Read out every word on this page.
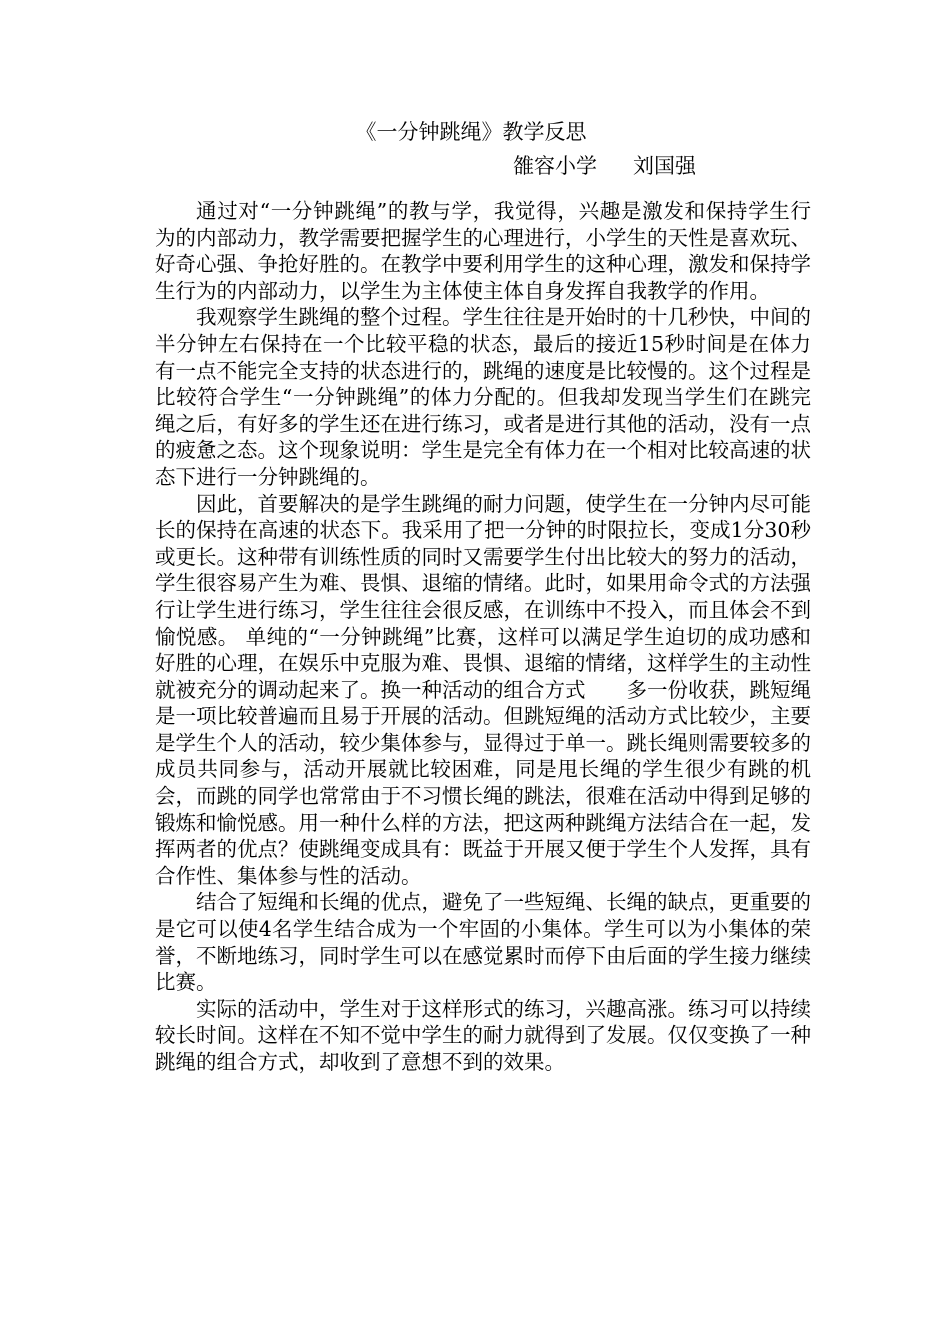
《一分钟跳绳》教学反思
雒容小学 刘国强

通过对“一分钟跳绳”的教与学，我觉得，兴趣是激发和保持学生行为的内部动力，教学需要把握学生的心理进行，小学生的天性是喜欢玩、好奇心强、争抢好胜的。在教学中要利用学生的这种心理，激发和保持学生行为的内部动力，以学生为主体使主体自身发挥自我教学的作用。

我观察学生跳绳的整个过程。学生往往是开始时的十几秒快，中间的半分钟左右保持在一个比较平稳的状态，最后的接近15秒时间是在体力有一点不能完全支持的状态进行的，跳绳的速度是比较慢的。这个过程是比较符合学生“一分钟跳绳”的体力分配的。但我却发现当学生们在跳完绳之后，有好多的学生还在进行练习，或者是进行其他的活动，没有一点的疲惫之态。这个现象说明：学生是完全有体力在一个相对比较高速的状态下进行一分钟跳绳的。

因此，首要解决的是学生跳绳的耐力问题，使学生在一分钟内尽可能长的保持在高速的状态下。我采用了把一分钟的时限拉长，变成1分30秒或更长。这种带有训练性质的同时又需要学生付出比较大的努力的活动，学生很容易产生为难、畏惧、退缩的情绪。此时，如果用命令式的方法强行让学生进行练习，学生往往会很反感，在训练中不投入，而且体会不到愉悦感。 单纯的“一分钟跳绳”比赛，这样可以满足学生迫切的成功感和好胜的心理，在娱乐中克服为难、畏惧、退缩的情绪，这样学生的主动性就被充分的调动起来了。换一种活动的组合方式　　多一份收获，跳短绳是一项比较普遍而且易于开展的活动。但跳短绳的活动方式比较少，主要是学生个人的活动，较少集体参与，显得过于单一。跳长绳则需要较多的成员共同参与，活动开展就比较困难，同是甩长绳的学生很少有跳的机会，而跳的同学也常常由于不习惯长绳的跳法，很难在活动中得到足够的锻炼和愉悦感。用一种什么样的方法，把这两种跳绳方法结合在一起，发挥两者的优点？使跳绳变成具有：既益于开展又便于学生个人发挥，具有合作性、集体参与性的活动。

结合了短绳和长绳的优点，避免了一些短绳、长绳的缺点，更重要的是它可以使4名学生结合成为一个牢固的小集体。学生可以为小集体的荣誉，不断地练习，同时学生可以在感觉累时而停下由后面的学生接力继续比赛。

实际的活动中，学生对于这样形式的练习，兴趣高涨。练习可以持续较长时间。这样在不知不觉中学生的耐力就得到了发展。仅仅变换了一种跳绳的组合方式，却收到了意想不到的效果。
